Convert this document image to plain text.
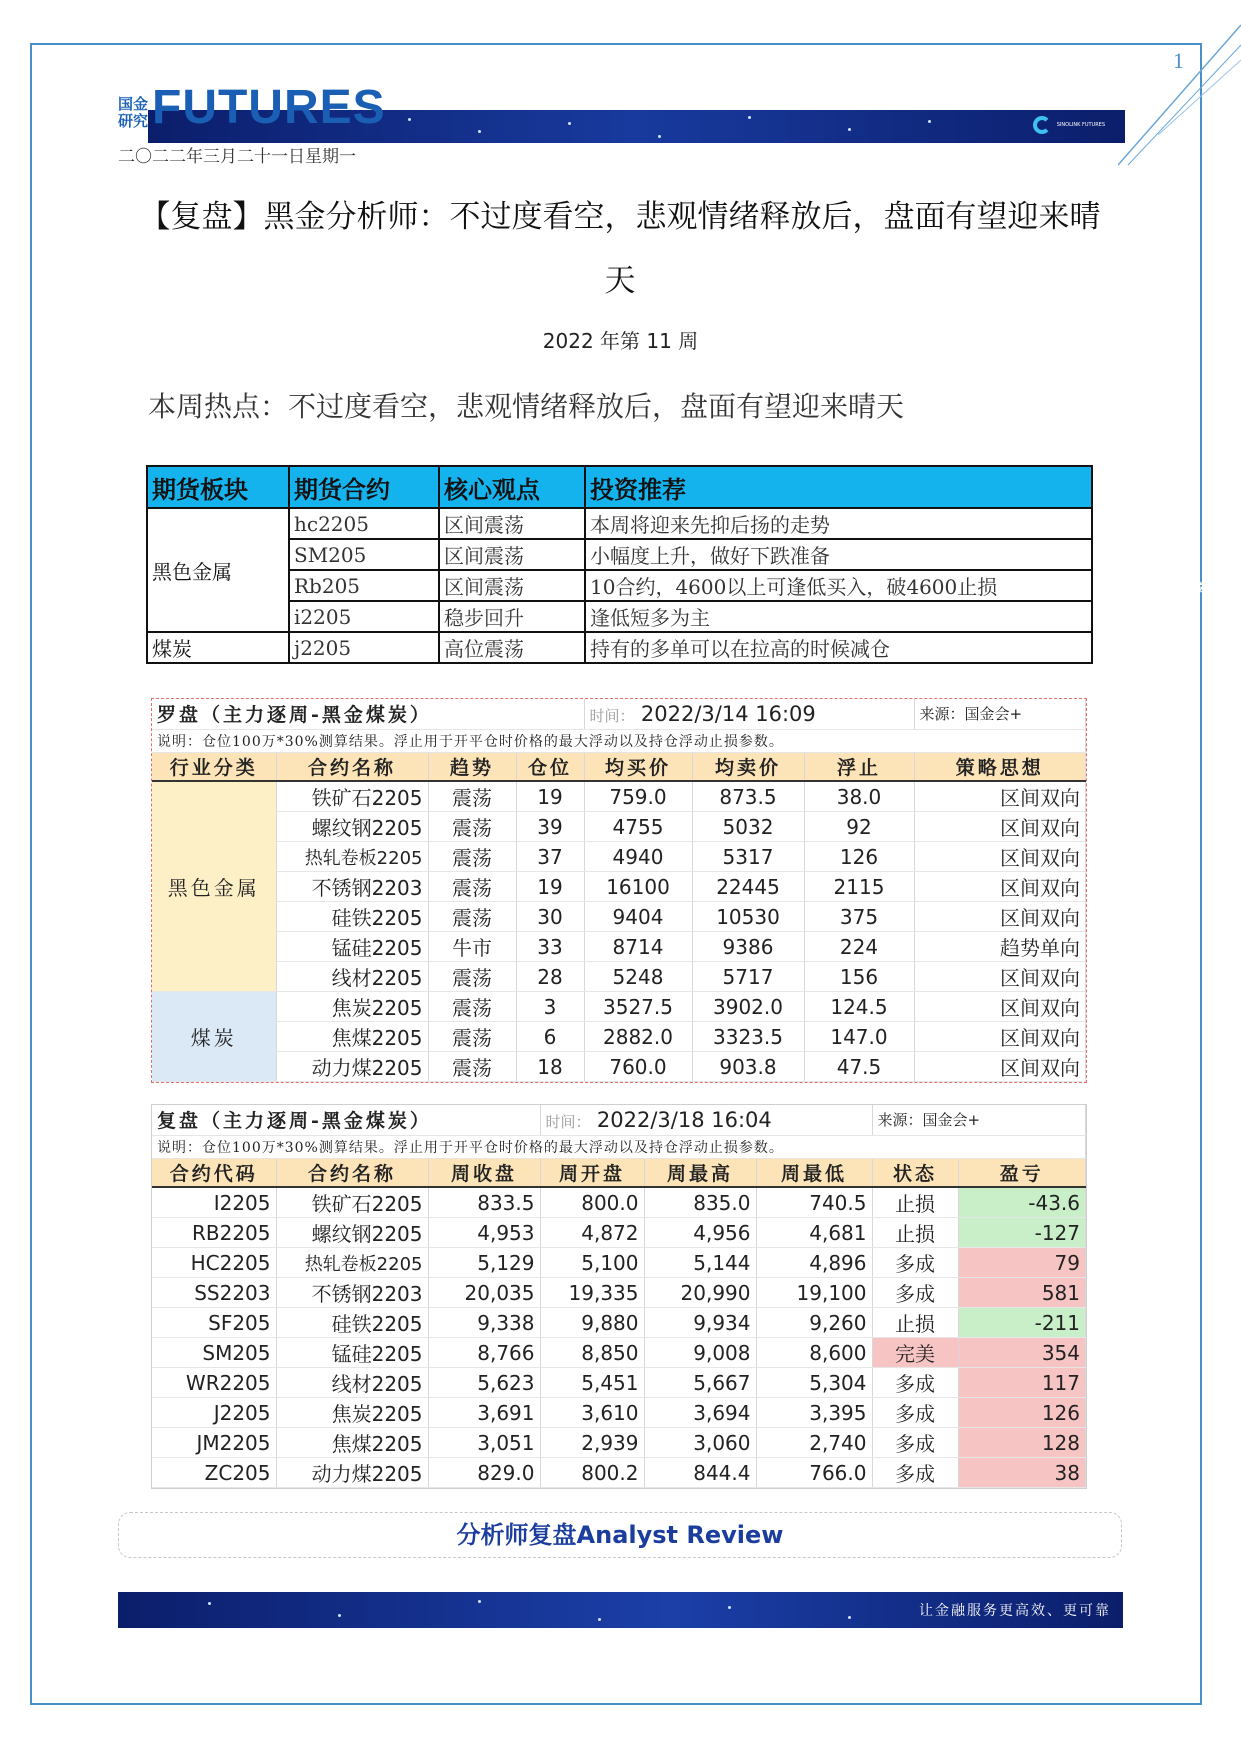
1
国金期货
SINOLINK FUTURES
国金研究 FUTURES
二〇二二年三月二十一日星期一
【复盘】黑金分析师：不过度看空，悲观情绪释放后，盘面有望迎来晴
天
2022 年第 11 周
本周热点：不过度看空，悲观情绪释放后，盘面有望迎来晴天
期货板块	期货合约	核心观点	投资推荐
黑色金属	hc2205	区间震荡	本周将迎来先抑后扬的走势
	SM205	区间震荡	小幅度上升，做好下跌准备
	Rb205	区间震荡	10合约，4600以上可逢低买入，破4600止损
	i2205	稳步回升	逢低短多为主
煤炭	j2205	高位震荡	持有的多单可以在拉高的时候减仓
罗盘（主力逐周-黑金煤炭）				时间： 2022/3/14 16:09			来源：国金会+
说明：仓位100万*30%测算结果。浮止用于开平仓时价格的最大浮动以及持仓浮动止损参数。							
行业分类	合约名称	趋势	仓位	均买价	均卖价	浮止	策略思想
黑色金属	铁矿石2205	震荡	19	759.0	873.5	38.0	区间双向
	螺纹钢2205	震荡	39	4755	5032	92	区间双向
	热轧卷板2205	震荡	37	4940	5317	126	区间双向
	不锈钢2203	震荡	19	16100	22445	2115	区间双向
	硅铁2205	震荡	30	9404	10530	375	区间双向
	锰硅2205	牛市	33	8714	9386	224	趋势单向
	线材2205	震荡	28	5248	5717	156	区间双向
煤炭	焦炭2205	震荡	3	3527.5	3902.0	124.5	区间双向
	焦煤2205	震荡	6	2882.0	3323.5	147.0	区间双向
	动力煤2205	震荡	18	760.0	903.8	47.5	区间双向
复盘（主力逐周-黑金煤炭）			时间： 2022/3/18 16:04			来源：国金会+	
说明：仓位100万*30%测算结果。浮止用于开平仓时价格的最大浮动以及持仓浮动止损参数。							
合约代码	合约名称	周收盘	周开盘	周最高	周最低	状态	盈亏
I2205	铁矿石2205	833.5	800.0	835.0	740.5	止损	-43.6
RB2205	螺纹钢2205	4,953	4,872	4,956	4,681	止损	-127
HC2205	热轧卷板2205	5,129	5,100	5,144	4,896	多成	79
SS2203	不锈钢2203	20,035	19,335	20,990	19,100	多成	581
SF205	硅铁2205	9,338	9,880	9,934	9,260	止损	-211
SM205	锰硅2205	8,766	8,850	9,008	8,600	完美	354
WR2205	线材2205	5,623	5,451	5,667	5,304	多成	117
J2205	焦炭2205	3,691	3,610	3,694	3,395	多成	126
JM2205	焦煤2205	3,051	2,939	3,060	2,740	多成	128
ZC205	动力煤2205	829.0	800.2	844.4	766.0	多成	38
分析师复盘Analyst Review
让金融服务更高效、更可靠
